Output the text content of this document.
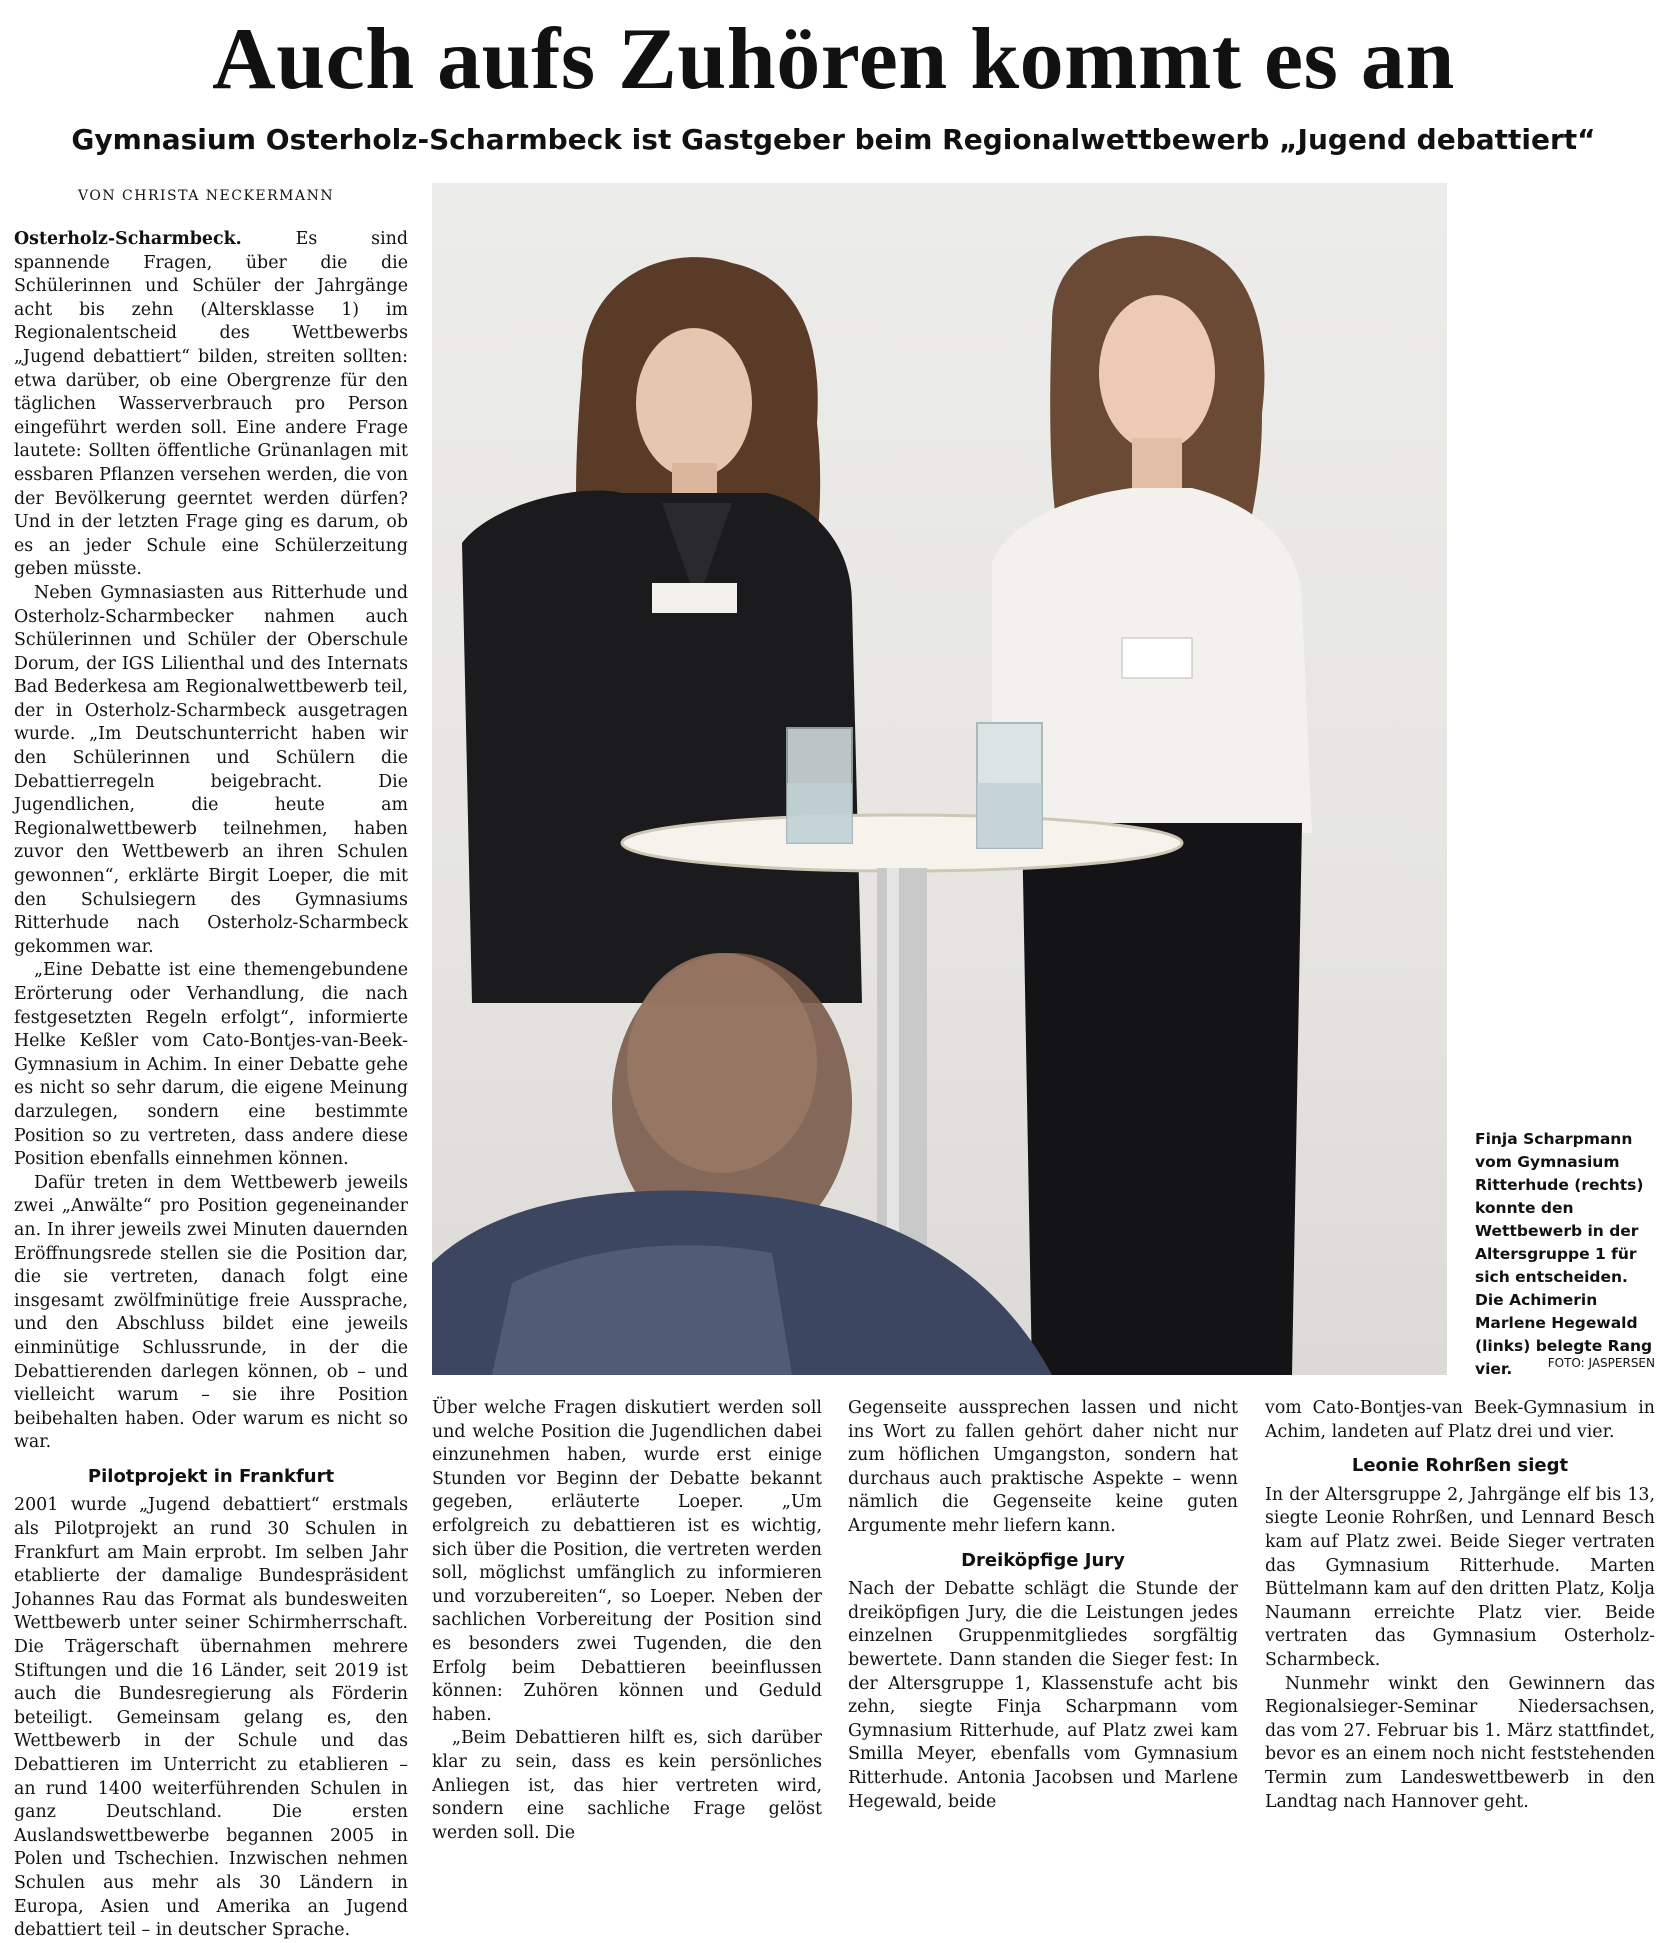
Auch aufs Zuhören kommt es an
Gymnasium Osterholz-Scharmbeck ist Gastgeber beim Regionalwettbewerb „Jugend debattiert“
VON CHRISTA NECKERMANN

Osterholz-Scharmbeck.	Es sind spannende Fragen, über die die Schülerinnen und Schüler der Jahrgänge acht bis zehn (Altersklasse 1) im Regionalentscheid des Wettbewerbs „Jugend debattiert“ bilden, streiten sollten: etwa darüber, ob eine Obergrenze für den täglichen Wasserverbrauch pro Person eingeführt werden soll. Eine andere Frage lautete: Sollten öffentliche Grünanlagen mit essbaren Pflanzen versehen werden, die von der Bevölkerung geerntet werden dürfen? Und in der letzten Frage ging es darum, ob es an jeder Schule eine Schülerzeitung geben müsste.

Neben Gymnasiasten aus Ritterhude und Osterholz-Scharmbecker nahmen auch Schülerinnen und Schüler der Oberschule Dorum, der IGS Lilienthal und des Internats Bad Bederkesa am Regionalwettbewerb teil, der in Osterholz-Scharmbeck ausgetragen wurde. „Im Deutschunterricht haben wir den Schülerinnen und Schülern die Debattierregeln beigebracht. Die Jugendlichen, die heute am Regionalwettbewerb teilnehmen, haben zuvor den Wettbewerb an ihren Schulen gewonnen“, erklärte Birgit Loeper, die mit den Schulsiegern des Gymnasiums Ritterhude nach Osterholz-Scharmbeck gekommen war.

„Eine Debatte ist eine themengebundene Erörterung oder Verhandlung, die nach festgesetzten Regeln erfolgt“, informierte Helke Keßler vom Cato-Bontjes-van-Beek-Gymnasium in Achim. In einer Debatte gehe es nicht so sehr darum, die eigene Meinung darzulegen, sondern eine bestimmte Position so zu vertreten, dass andere diese Position ebenfalls einnehmen können.

Dafür treten in dem Wettbewerb jeweils zwei „Anwälte“ pro Position gegeneinander an. In ihrer jeweils zwei Minuten dauernden Eröffnungsrede stellen sie die Position dar, die sie vertreten, danach folgt eine insgesamt zwölfminütige freie Aussprache, und den Abschluss bildet eine jeweils einminütige Schlussrunde, in der die Debattierenden darlegen können, ob – und vielleicht warum – sie ihre Position beibehalten haben. Oder warum es nicht so war.

Pilotprojekt in Frankfurt

2001 wurde „Jugend debattiert“ erstmals als Pilotprojekt an rund 30 Schulen in Frankfurt am Main erprobt. Im selben Jahr etablierte der damalige Bundespräsident Johannes Rau das Format als bundesweiten Wettbewerb unter seiner Schirmherrschaft. Die Trägerschaft übernahmen mehrere Stiftungen und die 16 Länder, seit 2019 ist auch die Bundesregierung als Förderin beteiligt. Gemeinsam gelang es, den Wettbewerb in der Schule und das Debattieren im Unterricht zu etablieren – an rund 1400 weiterführenden Schulen in ganz Deutschland. Die ersten Auslandswettbewerbe begannen 2005 in Polen und Tschechien. Inzwischen nehmen Schulen aus mehr als 30 Ländern in Europa, Asien und Amerika an Jugend debattiert teil – in deutscher Sprache.

Finja Scharpmann vom Gymnasium Ritterhude (rechts) konnte den Wettbewerb in der Altersgruppe 1 für sich entscheiden. Die Achimerin Marlene Hegewald (links) belegte Rang vier.	FOTO: JASPERSEN

Über welche Fragen diskutiert werden soll und welche Position die Jugendlichen dabei einzunehmen haben, wurde erst einige Stunden vor Beginn der Debatte bekannt gegeben, erläuterte Loeper. „Um erfolgreich zu debattieren ist es wichtig, sich über die Position, die vertreten werden soll, möglichst umfänglich zu informieren und vorzubereiten“, so Loeper. Neben der sachlichen Vorbereitung der Position sind es besonders zwei Tugenden, die den Erfolg beim Debattieren beeinflussen können: Zuhören können und Geduld haben.

„Beim Debattieren hilft es, sich darüber klar zu sein, dass es kein persönliches Anliegen ist, das hier vertreten wird, sondern eine sachliche Frage gelöst werden soll. Die

Gegenseite aussprechen lassen und nicht ins Wort zu fallen gehört daher nicht nur zum höflichen Umgangston, sondern hat durchaus auch praktische Aspekte – wenn nämlich die Gegenseite keine guten Argumente mehr liefern kann.

Dreiköpfige Jury

Nach der Debatte schlägt die Stunde der dreiköpfigen Jury, die die Leistungen jedes einzelnen Gruppenmitgliedes sorgfältig bewertete. Dann standen die Sieger fest: In der Altersgruppe 1, Klassenstufe acht bis zehn, siegte Finja Scharpmann vom Gymnasium Ritterhude, auf Platz zwei kam Smilla Meyer, ebenfalls vom Gymnasium Ritterhude. Antonia Jacobsen und Marlene Hegewald, beide

vom Cato-Bontjes-van Beek-Gymnasium in Achim, landeten auf Platz drei und vier.

Leonie Rohrßen siegt

In der Altersgruppe 2, Jahrgänge elf bis 13, siegte Leonie Rohrßen, und Lennard Besch kam auf Platz zwei. Beide Sieger vertraten das Gymnasium Ritterhude. Marten Büttelmann kam auf den dritten Platz, Kolja Naumann erreichte Platz vier. Beide vertraten das Gymnasium Osterholz-Scharmbeck.

Nunmehr winkt den Gewinnern das Regionalsieger-Seminar Niedersachsen, das vom 27. Februar bis 1. März stattfindet, bevor es an einem noch nicht feststehenden Termin zum Landeswettbewerb in den Landtag nach Hannover geht.
